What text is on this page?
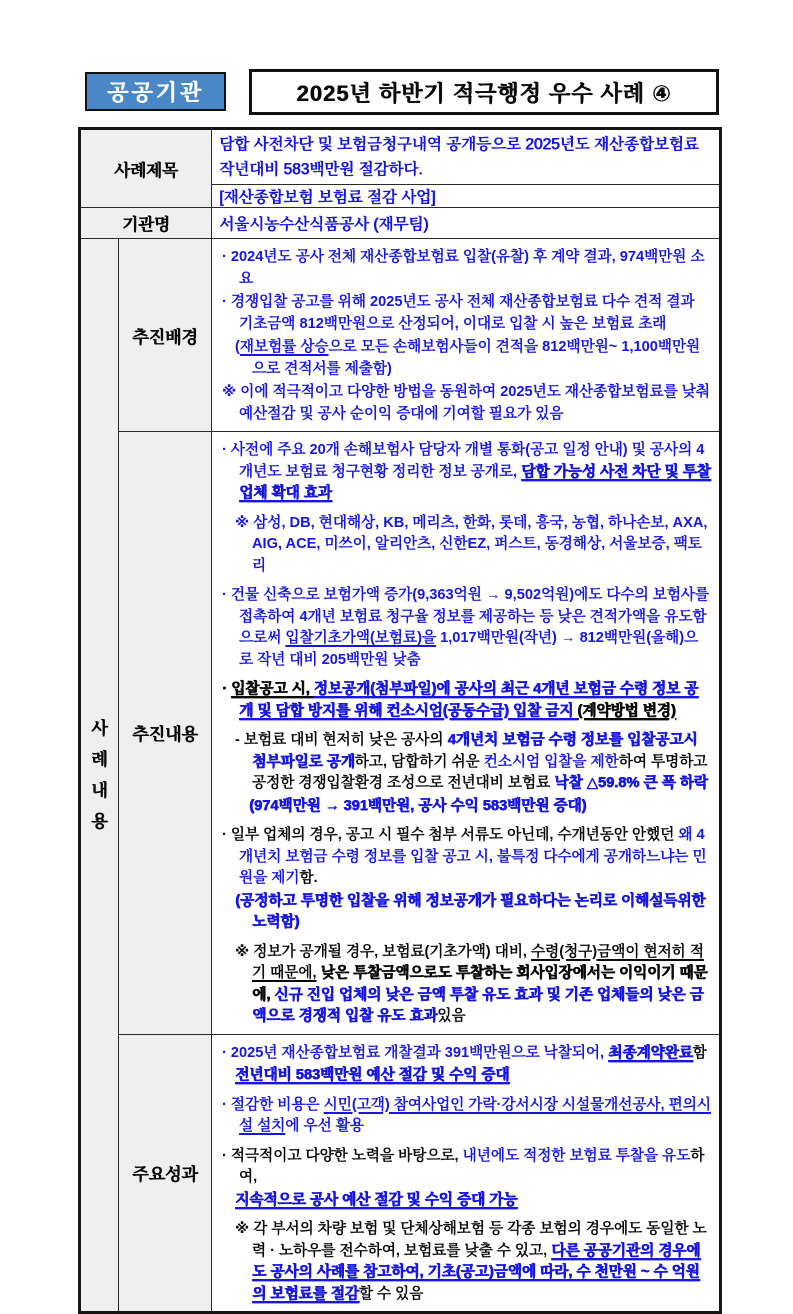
공공기관	2025년 하반기 적극행정 우수 사례 ④
사례제목		담합 사전차단 및 보험금청구내역 공개등으로 2025년도 재산종합보험료 작년대비 583백만원 절감하다.
		[재산종합보험 보험료 절감 사업]
기관명		서울시농수산식품공사 (재무팀)
사례내용	추진배경	· 2024년도 공사 전체 재산종합보험료 입찰(유찰) 후 계약 결과, 974백만원 소요
· 경쟁입찰 공고를 위해 2025년도 공사 전체 재산종합보험료 다수 견적 결과 기초금액 812백만원으로 산정되어, 이대로 입찰 시 높은 보험료 초래
(재보험률 상승으로 모든 손해보험사들이 견적을 812백만원~ 1,100백만원으로 견적서를 제출함)
※ 이에 적극적이고 다양한 방법을 동원하여 2025년도 재산종합보험료를 낮춰 예산절감 및 공사 순이익 증대에 기여할 필요가 있음

추진내용	
· 사전에 주요 20개 손해보험사 담당자 개별 통화(공고 일정 안내) 및 공사의 4개년도 보험료 청구현황 정리한 정보 공개로, 담합 가능성 사전 차단 및 투찰업체 확대 효과
※ 삼성, DB, 현대해상, KB, 메리츠, 한화, 롯데, 흥국, 농협, 하나손보, AXA, AIG, ACE, 미쓰이, 알리안츠, 신한EZ, 퍼스트, 동경해상, 서울보증, 팩토리
· 건물 신축으로 보험가액 증가(9,363억원 → 9,502억원)에도 다수의 보험사를 접촉하여 4개년 보험료 청구율 정보를 제공하는 등 낮은 견적가액을 유도함으로써 입찰기초가액(보험료)을 1,017백만원(작년) → 812백만원(올해)으로 작년 대비 205백만원 낮춤
· 입찰공고 시, 정보공개(첨부파일)에 공사의 최근 4개년 보험금 수령 정보 공개 및 담합 방지를 위해 컨소시엄(공동수급) 입찰 금지 (계약방법 변경)
- 보험료 대비 현저히 낮은 공사의 4개년치 보험금 수령 정보를 입찰공고시 첨부파일로 공개하고, 담합하기 쉬운 컨소시엄 입찰을 제한하여 투명하고 공정한 경쟁입찰환경 조성으로 전년대비 보험료 낙찰 △59.8% 큰 폭 하락
(974백만원 → 391백만원, 공사 수익 583백만원 증대)
· 일부 업체의 경우, 공고 시 필수 첨부 서류도 아닌데, 수개년동안 안했던 왜 4개년치 보험금 수령 정보를 입찰 공고 시, 불특정 다수에게 공개하느냐는 민원을 제기함.
(공정하고 투명한 입찰을 위해 정보공개가 필요하다는 논리로 이해설득위한 노력함)
※ 정보가 공개될 경우, 보험료(기초가액) 대비, 수령(청구)금액이 현저히 적기 때문에, 낮은 투찰금액으로도 투찰하는 회사입장에서는 이익이기 때문에, 신규 진입 업체의 낮은 금액 투찰 유도 효과 및 기존 업체들의 낮은 금액으로 경쟁적 입찰 유도 효과있음

주요성과	
· 2025년 재산종합보험료 개찰결과 391백만원으로 낙찰되어, 최종계약완료함
전년대비 583백만원 예산 절감 및 수익 증대
· 절감한 비용은 시민(고객) 참여사업인 가락·강서시장 시설물개선공사, 편의시설 설치에 우선 활용
· 적극적이고 다양한 노력을 바탕으로, 내년에도 적정한 보험료 투찰을 유도하여,
지속적으로 공사 예산 절감 및 수익 증대 가능
※ 각 부서의 차량 보험 및 단체상해보험 등 각종 보험의 경우에도 동일한 노력 · 노하우를 전수하여, 보험료를 낮출 수 있고, 다른 공공기관의 경우에도 공사의 사례를 참고하여, 기초(공고)금액에 따라, 수 천만원 ~ 수 억원의 보험료를 절감할 수 있음
